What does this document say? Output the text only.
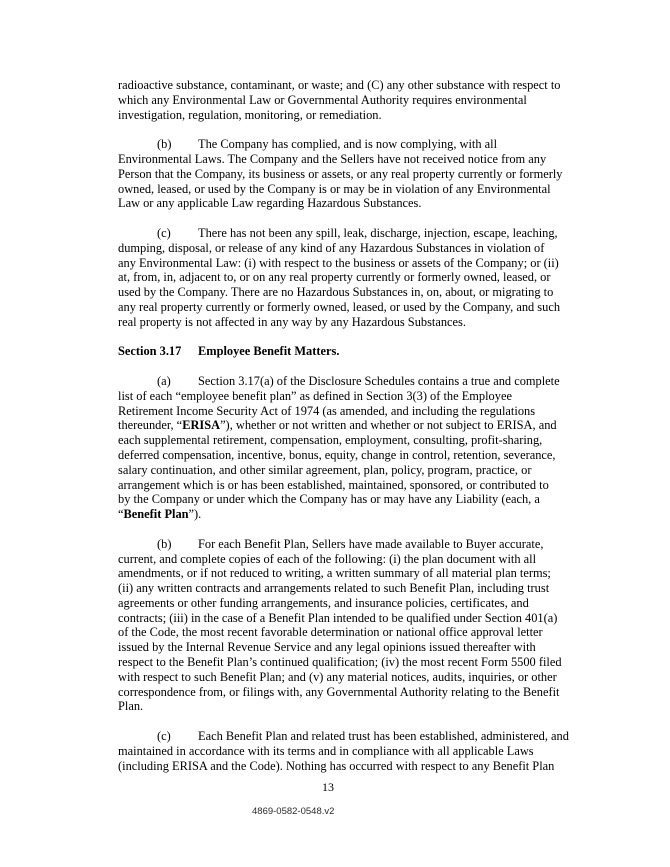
radioactive substance, contaminant, or waste; and (C) any other substance with respect to
which any Environmental Law or Governmental Authority requires environmental
investigation, regulation, monitoring, or remediation.
(b) The Company has complied, and is now complying, with all
Environmental Laws. The Company and the Sellers have not received notice from any
Person that the Company, its business or assets, or any real property currently or formerly
owned, leased, or used by the Company is or may be in violation of any Environmental
Law or any applicable Law regarding Hazardous Substances.
(c) There has not been any spill, leak, discharge, injection, escape, leaching,
dumping, disposal, or release of any kind of any Hazardous Substances in violation of
any Environmental Law: (i) with respect to the business or assets of the Company; or (ii)
at, from, in, adjacent to, or on any real property currently or formerly owned, leased, or
used by the Company. There are no Hazardous Substances in, on, about, or migrating to
any real property currently or formerly owned, leased, or used by the Company, and such
real property is not affected in any way by any Hazardous Substances.
Section 3.17 Employee Benefit Matters.
(a) Section 3.17(a) of the Disclosure Schedules contains a true and complete
list of each “employee benefit plan” as defined in Section 3(3) of the Employee
Retirement Income Security Act of 1974 (as amended, and including the regulations
thereunder, “ERISA”), whether or not written and whether or not subject to ERISA, and
each supplemental retirement, compensation, employment, consulting, profit-sharing,
deferred compensation, incentive, bonus, equity, change in control, retention, severance,
salary continuation, and other similar agreement, plan, policy, program, practice, or
arrangement which is or has been established, maintained, sponsored, or contributed to
by the Company or under which the Company has or may have any Liability (each, a
“Benefit Plan”).
(b) For each Benefit Plan, Sellers have made available to Buyer accurate,
current, and complete copies of each of the following: (i) the plan document with all
amendments, or if not reduced to writing, a written summary of all material plan terms;
(ii) any written contracts and arrangements related to such Benefit Plan, including trust
agreements or other funding arrangements, and insurance policies, certificates, and
contracts; (iii) in the case of a Benefit Plan intended to be qualified under Section 401(a)
of the Code, the most recent favorable determination or national office approval letter
issued by the Internal Revenue Service and any legal opinions issued thereafter with
respect to the Benefit Plan’s continued qualification; (iv) the most recent Form 5500 filed
with respect to such Benefit Plan; and (v) any material notices, audits, inquiries, or other
correspondence from, or filings with, any Governmental Authority relating to the Benefit
Plan.
(c) Each Benefit Plan and related trust has been established, administered, and
maintained in accordance with its terms and in compliance with all applicable Laws
(including ERISA and the Code). Nothing has occurred with respect to any Benefit Plan
13
4869-0582-0548.v2
